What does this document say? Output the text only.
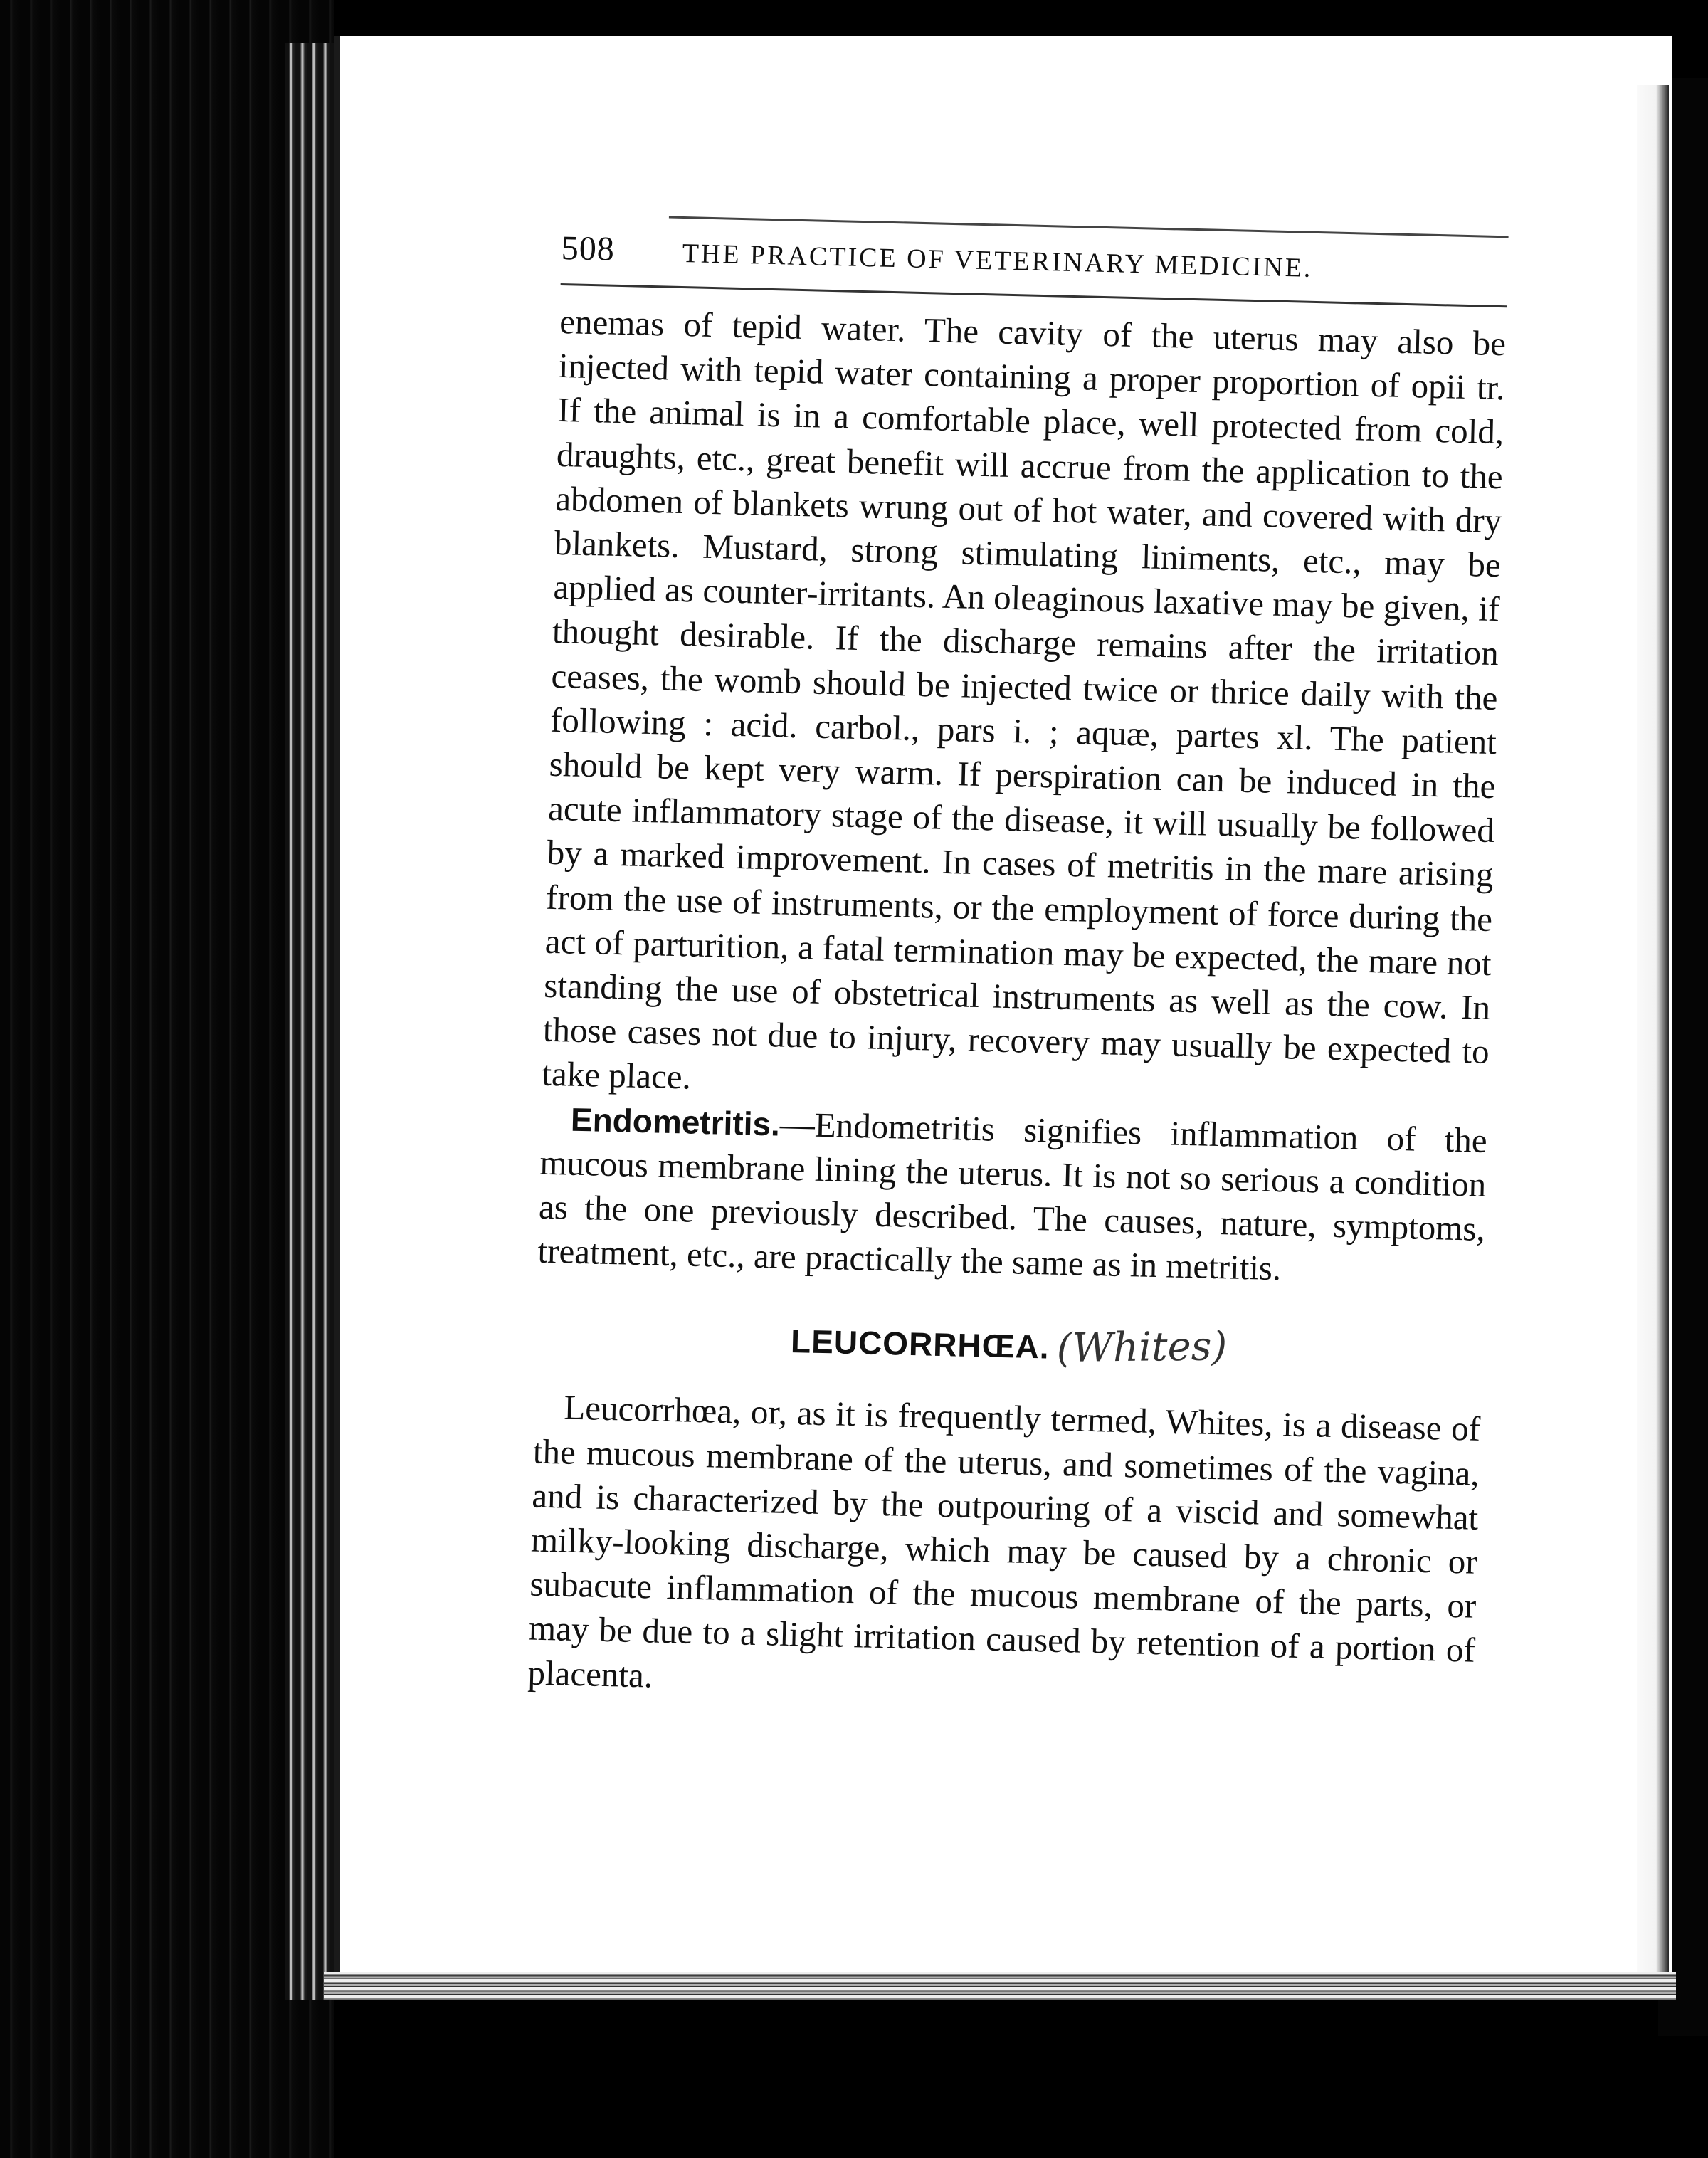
508	THE PRACTICE OF VETERINARY MEDICINE.

enemas of tepid water. The cavity of the uterus may also be injected with tepid water containing a proper proportion of opii tr. If the animal is in a comfortable place, well protected from cold, draughts, etc., great benefit will accrue from the application to the abdomen of blankets wrung out of hot water, and covered with dry blankets. Mustard, strong stimulating liniments, etc., may be applied as counter-irritants. An oleaginous laxative may be given, if thought desirable. If the discharge remains after the irritation ceases, the womb should be injected twice or thrice daily with the following : acid. carbol., pars i. ; aquæ, partes xl. The patient should be kept very warm. If perspiration can be induced in the acute inflammatory stage of the disease, it will usually be followed by a marked improvement. In cases of metritis in the mare arising from the use of instruments, or the employment of force during the act of parturition, a fatal termination may be expected, the mare not standing the use of obstetrical instruments as well as the cow. In those cases not due to injury, recovery may usually be expected to take place.

Endometritis.—Endometritis signifies inflammation of the mucous membrane lining the uterus. It is not so serious a condition as the one previously described. The causes, nature, symptoms, treatment, etc., are practically the same as in metritis.

LEUCORRHŒA. (Whites)

Leucorrhœa, or, as it is frequently termed, Whites, is a disease of the mucous membrane of the uterus, and sometimes of the vagina, and is characterized by the outpouring of a viscid and somewhat milky-looking discharge, which may be caused by a chronic or subacute inflammation of the mucous membrane of the parts, or may be due to a slight irritation caused by retention of a portion of placenta.
